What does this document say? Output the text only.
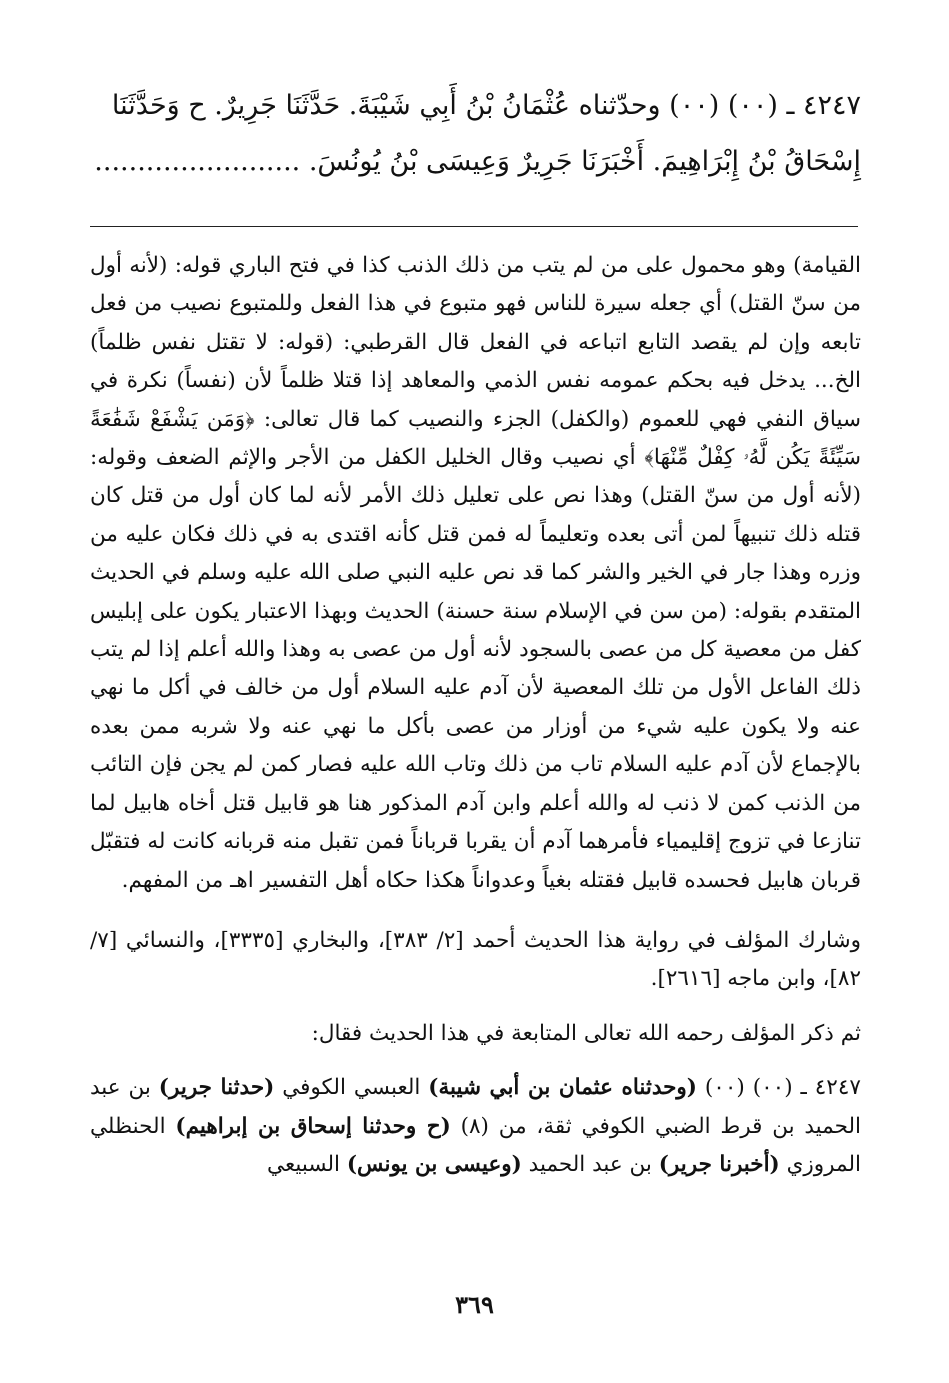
٤٢٤٧ ـ (٠٠) (٠٠) وحدّثناه عُثْمَانُ بْنُ أَبِي شَيْبَةَ. حَدَّثَنَا جَرِيرٌ. ح وَحَدَّثَنَا

إِسْحَاقُ بْنُ إِبْرَاهِيمَ. أَخْبَرَنَا جَرِيرٌ وَعِيسَى بْنُ يُونُسَ. ........................

القيامة) وهو محمول على من لم يتب من ذلك الذنب كذا في فتح الباري قوله: (لأنه أول من سنّ القتل) أي جعله سيرة للناس فهو متبوع في هذا الفعل وللمتبوع نصيب من فعل تابعه وإن لم يقصد التابع اتباعه في الفعل قال القرطبي: (قوله: لا تقتل نفس ظلماً) الخ... يدخل فيه بحكم عمومه نفس الذمي والمعاهد إذا قتلا ظلماً لأن (نفساً) نكرة في سياق النفي فهي للعموم (والكفل) الجزء والنصيب كما قال تعالى: ﴿وَمَن يَشْفَعْ شَفَٰعَةً سَيِّئَةً يَكُن لَّهُۥ كِفْلٌ مِّنْهَا﴾ أي نصيب وقال الخليل الكفل من الأجر والإثم الضعف وقوله: (لأنه أول من سنّ القتل) وهذا نص على تعليل ذلك الأمر لأنه لما كان أول من قتل كان قتله ذلك تنبيهاً لمن أتى بعده وتعليماً له فمن قتل كأنه اقتدى به في ذلك فكان عليه من وزره وهذا جار في الخير والشر كما قد نص عليه النبي صلى الله عليه وسلم في الحديث المتقدم بقوله: (من سن في الإسلام سنة حسنة) الحديث وبهذا الاعتبار يكون على إبليس كفل من معصية كل من عصى بالسجود لأنه أول من عصى به وهذا والله أعلم إذا لم يتب ذلك الفاعل الأول من تلك المعصية لأن آدم عليه السلام أول من خالف في أكل ما نهي عنه ولا يكون عليه شيء من أوزار من عصى بأكل ما نهي عنه ولا شربه ممن بعده بالإجماع لأن آدم عليه السلام تاب من ذلك وتاب الله عليه فصار كمن لم يجن فإن التائب من الذنب كمن لا ذنب له والله أعلم وابن آدم المذكور هنا هو قابيل قتل أخاه هابيل لما تنازعا في تزوج إقليمياء فأمرهما آدم أن يقربا قرباناً فمن تقبل منه قربانه كانت له فتقبّل قربان هابيل فحسده قابيل فقتله بغياً وعدواناً هكذا حكاه أهل التفسير اهـ من المفهم.

وشارك المؤلف في رواية هذا الحديث أحمد [٢/ ٣٨٣]، والبخاري [٣٣٣٥]، والنسائي [٧/ ٨٢]، وابن ماجه [٢٦١٦].

ثم ذكر المؤلف رحمه الله تعالى المتابعة في هذا الحديث فقال:

٤٢٤٧ ـ (٠٠) (٠٠) (وحدثناه عثمان بن أبي شيبة) العبسي الكوفي (حدثنا جرير) بن عبد الحميد بن قرط الضبي الكوفي ثقة، من (٨) (ح وحدثنا إسحاق بن إبراهيم) الحنظلي المروزي (أخبرنا جرير) بن عبد الحميد (وعيسى بن يونس) السبيعي

٣٦٩
